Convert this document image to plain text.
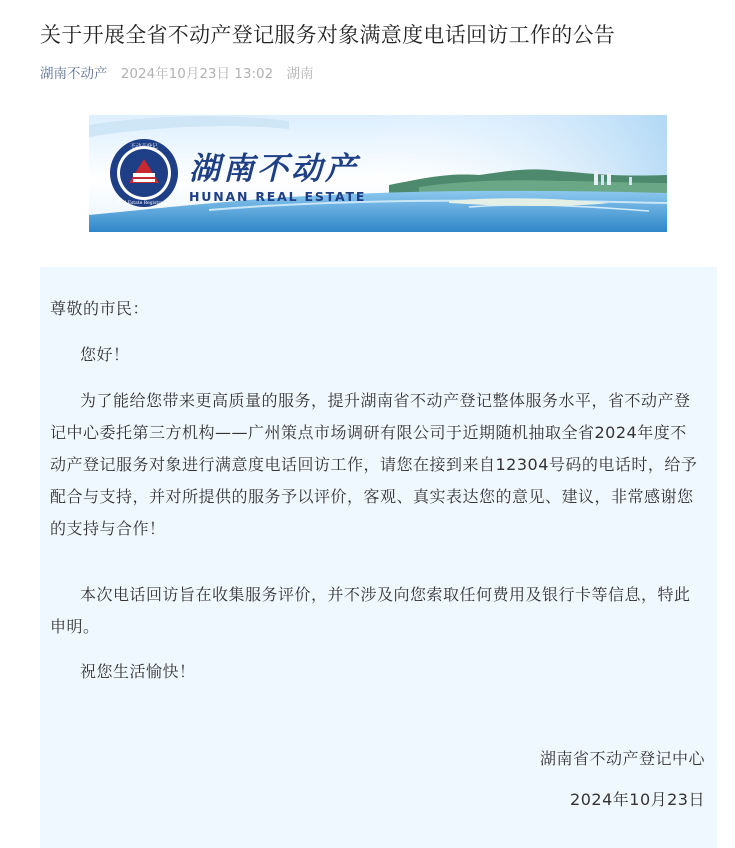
关于开展全省不动产登记服务对象满意度电话回访工作的公告
湖南不动产 2024年10月23日 13:02 湖南
不动产登记
Real Estate Registration
湖南不动产
HUNAN REAL ESTATE

尊敬的市民：

您好！

为了能给您带来更高质量的服务，提升湖南省不动产登记整体服务水平，省不动产登记中心委托第三方机构——广州策点市场调研有限公司于近期随机抽取全省2024年度不动产登记服务对象进行满意度电话回访工作，请您在接到来自12304号码的电话时，给予配合与支持，并对所提供的服务予以评价，客观、真实表达您的意见、建议，非常感谢您的支持与合作！

本次电话回访旨在收集服务评价，并不涉及向您索取任何费用及银行卡等信息，特此申明。

祝您生活愉快！

湖南省不动产登记中心

2024年10月23日
